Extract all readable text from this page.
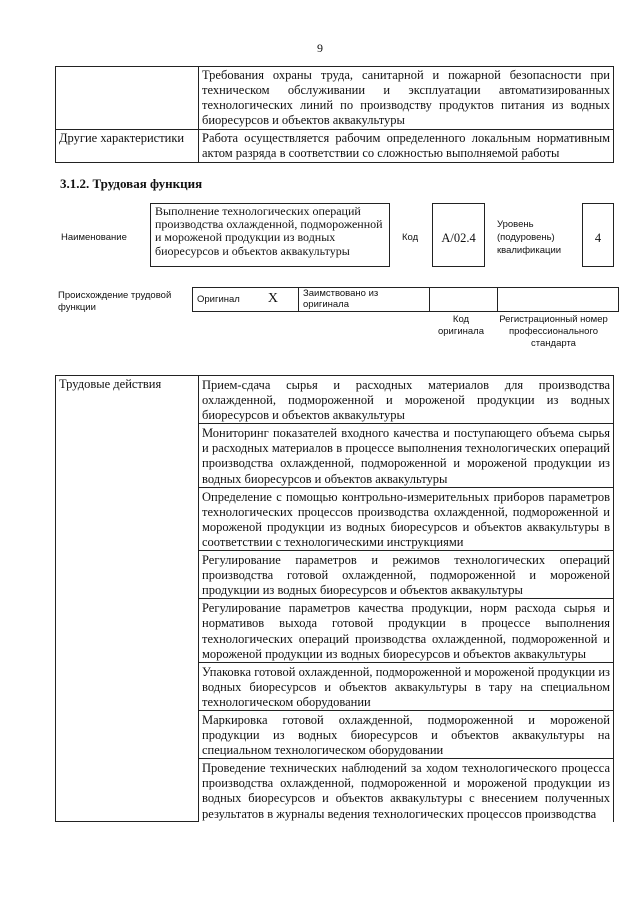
9
	Требования охраны труда, санитарной и пожарной безопасности при техническом обслуживании и эксплуатации автоматизированных технологических линий по производству продуктов питания из водных биоресурсов и объектов аквакультуры
Другие характеристики	Работа осуществляется рабочим определенного локальным нормативным актом разряда в соответствии со сложностью выполняемой работы
3.1.2. Трудовая функция
Наименование
Выполнение технологических операций производства охлажденной, подмороженной и мороженой продукции из водных биоресурсов и объектов аквакультуры
Код	A/02.4
Уровень (подуровень) квалификации
4
Происхождение трудовой функции
Оригинал X	Заимствовано из оригинала		
Код оригинала
Регистрационный номер профессионального стандарта
Трудовые действия	Прием-сдача сырья и расходных материалов для производства охлажденной, подмороженной и мороженой продукции из водных биоресурсов и объектов аквакультуры
Мониторинг показателей входного качества и поступающего объема сырья и расходных материалов в процессе выполнения технологических операций производства охлажденной, подмороженной и мороженой продукции из водных биоресурсов и объектов аквакультуры
Определение с помощью контрольно-измерительных приборов параметров технологических процессов производства охлажденной, подмороженной и мороженой продукции из водных биоресурсов и объектов аквакультуры в соответствии с технологическими инструкциями
Регулирование параметров и режимов технологических операций производства готовой охлажденной, подмороженной и мороженой продукции из водных биоресурсов и объектов аквакультуры
Регулирование параметров качества продукции, норм расхода сырья и нормативов выхода готовой продукции в процессе выполнения технологических операций производства охлажденной, подмороженной и мороженой продукции из водных биоресурсов и объектов аквакультуры
Упаковка готовой охлажденной, подмороженной и мороженой продукции из водных биоресурсов и объектов аквакультуры в тару на специальном технологическом оборудовании
Маркировка готовой охлажденной, подмороженной и мороженой продукции из водных биоресурсов и объектов аквакультуры на специальном технологическом оборудовании
Проведение технических наблюдений за ходом технологического процесса производства охлажденной, подмороженной и мороженой продукции из водных биоресурсов и объектов аквакультуры с внесением полученных результатов в журналы ведения технологических процессов производства
